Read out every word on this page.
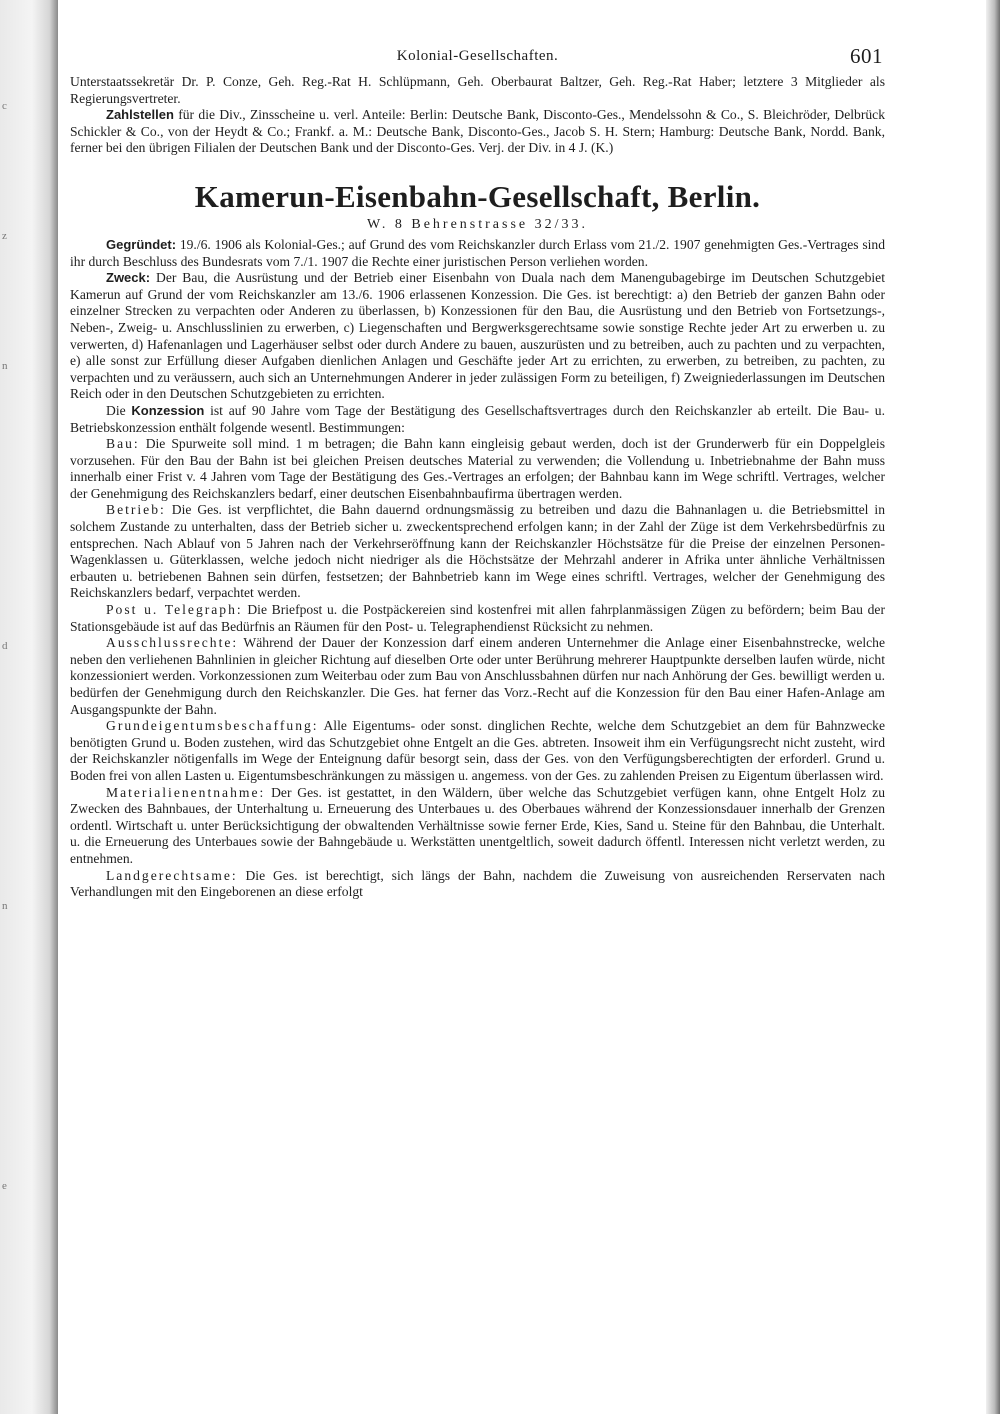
c
z
n
d
n
e
Kolonial-Gesellschaften.	601

Unterstaatssekretär Dr. P. Conze, Geh. Reg.-Rat H. Schlüpmann, Geh. Oberbaurat Baltzer, Geh. Reg.-Rat Haber; letztere 3 Mitglieder als Regierungsvertreter.

Zahlstellen für die Div., Zinsscheine u. verl. Anteile: Berlin: Deutsche Bank, Disconto-Ges., Mendelssohn & Co., S. Bleichröder, Delbrück Schickler & Co., von der Heydt & Co.; Frankf. a. M.: Deutsche Bank, Disconto-Ges., Jacob S. H. Stern; Hamburg: Deutsche Bank, Nordd. Bank, ferner bei den übrigen Filialen der Deutschen Bank und der Disconto-Ges. Verj. der Div. in 4 J. (K.)

Kamerun-Eisenbahn-Gesellschaft, Berlin.
W. 8 Behrenstrasse 32/33.

Gegründet: 19./6. 1906 als Kolonial-Ges.; auf Grund des vom Reichskanzler durch Erlass vom 21./2. 1907 genehmigten Ges.-Vertrages sind ihr durch Beschluss des Bundesrats vom 7./1. 1907 die Rechte einer juristischen Person verliehen worden.

Zweck: Der Bau, die Ausrüstung und der Betrieb einer Eisenbahn von Duala nach dem Manengubagebirge im Deutschen Schutzgebiet Kamerun auf Grund der vom Reichskanzler am 13./6. 1906 erlassenen Konzession. Die Ges. ist berechtigt: a) den Betrieb der ganzen Bahn oder einzelner Strecken zu verpachten oder Anderen zu überlassen, b) Konzessionen für den Bau, die Ausrüstung und den Betrieb von Fortsetzungs-, Neben-, Zweig- u. Anschlusslinien zu erwerben, c) Liegenschaften und Bergwerksgerechtsame sowie sonstige Rechte jeder Art zu erwerben u. zu verwerten, d) Hafenanlagen und Lagerhäuser selbst oder durch Andere zu bauen, auszurüsten und zu betreiben, auch zu pachten und zu verpachten, e) alle sonst zur Erfüllung dieser Aufgaben dienlichen Anlagen und Geschäfte jeder Art zu errichten, zu erwerben, zu betreiben, zu pachten, zu verpachten und zu veräussern, auch sich an Unternehmungen Anderer in jeder zulässigen Form zu beteiligen, f) Zweigniederlassungen im Deutschen Reich oder in den Deutschen Schutzgebieten zu errichten.

Die Konzession ist auf 90 Jahre vom Tage der Bestätigung des Gesellschaftsvertrages durch den Reichskanzler ab erteilt. Die Bau- u. Betriebskonzession enthält folgende wesentl. Bestimmungen:

Bau: Die Spurweite soll mind. 1 m betragen; die Bahn kann eingleisig gebaut werden, doch ist der Grunderwerb für ein Doppelgleis vorzusehen. Für den Bau der Bahn ist bei gleichen Preisen deutsches Material zu verwenden; die Vollendung u. Inbetriebnahme der Bahn muss innerhalb einer Frist v. 4 Jahren vom Tage der Bestätigung des Ges.-Vertrages an erfolgen; der Bahnbau kann im Wege schriftl. Vertrages, welcher der Genehmigung des Reichskanzlers bedarf, einer deutschen Eisenbahnbaufirma übertragen werden.

Betrieb: Die Ges. ist verpflichtet, die Bahn dauernd ordnungsmässig zu betreiben und dazu die Bahnanlagen u. die Betriebsmittel in solchem Zustande zu unterhalten, dass der Betrieb sicher u. zweckentsprechend erfolgen kann; in der Zahl der Züge ist dem Verkehrsbedürfnis zu entsprechen. Nach Ablauf von 5 Jahren nach der Verkehrseröffnung kann der Reichskanzler Höchstsätze für die Preise der einzelnen Personen-Wagenklassen u. Güterklassen, welche jedoch nicht niedriger als die Höchstsätze der Mehrzahl anderer in Afrika unter ähnliche Verhältnissen erbauten u. betriebenen Bahnen sein dürfen, festsetzen; der Bahnbetrieb kann im Wege eines schriftl. Vertrages, welcher der Genehmigung des Reichskanzlers bedarf, verpachtet werden.

Post u. Telegraph: Die Briefpost u. die Postpäckereien sind kostenfrei mit allen fahrplanmässigen Zügen zu befördern; beim Bau der Stationsgebäude ist auf das Bedürfnis an Räumen für den Post- u. Telegraphendienst Rücksicht zu nehmen.

Ausschlussrechte: Während der Dauer der Konzession darf einem anderen Unternehmer die Anlage einer Eisenbahnstrecke, welche neben den verliehenen Bahnlinien in gleicher Richtung auf dieselben Orte oder unter Berührung mehrerer Hauptpunkte derselben laufen würde, nicht konzessioniert werden. Vorkonzessionen zum Weiterbau oder zum Bau von Anschlussbahnen dürfen nur nach Anhörung der Ges. bewilligt werden u. bedürfen der Genehmigung durch den Reichskanzler. Die Ges. hat ferner das Vorz.-Recht auf die Konzession für den Bau einer Hafen-Anlage am Ausgangspunkte der Bahn.

Grundeigentumsbeschaffung: Alle Eigentums- oder sonst. dinglichen Rechte, welche dem Schutzgebiet an dem für Bahnzwecke benötigten Grund u. Boden zustehen, wird das Schutzgebiet ohne Entgelt an die Ges. abtreten. Insoweit ihm ein Verfügungsrecht nicht zusteht, wird der Reichskanzler nötigenfalls im Wege der Enteignung dafür besorgt sein, dass der Ges. von den Verfügungsberechtigten der erforderl. Grund u. Boden frei von allen Lasten u. Eigentumsbeschränkungen zu mässigen u. angemess. von der Ges. zu zahlenden Preisen zu Eigentum überlassen wird.

Materialienentnahme: Der Ges. ist gestattet, in den Wäldern, über welche das Schutzgebiet verfügen kann, ohne Entgelt Holz zu Zwecken des Bahnbaues, der Unterhaltung u. Erneuerung des Unterbaues u. des Oberbaues während der Konzessionsdauer innerhalb der Grenzen ordentl. Wirtschaft u. unter Berücksichtigung der obwaltenden Verhältnisse sowie ferner Erde, Kies, Sand u. Steine für den Bahnbau, die Unterhalt. u. die Erneuerung des Unterbaues sowie der Bahngebäude u. Werkstätten unentgeltlich, soweit dadurch öffentl. Interessen nicht verletzt werden, zu entnehmen.

Landgerechtsame: Die Ges. ist berechtigt, sich längs der Bahn, nachdem die Zuweisung von ausreichenden Rerservaten nach Verhandlungen mit den Eingeborenen an diese erfolgt
